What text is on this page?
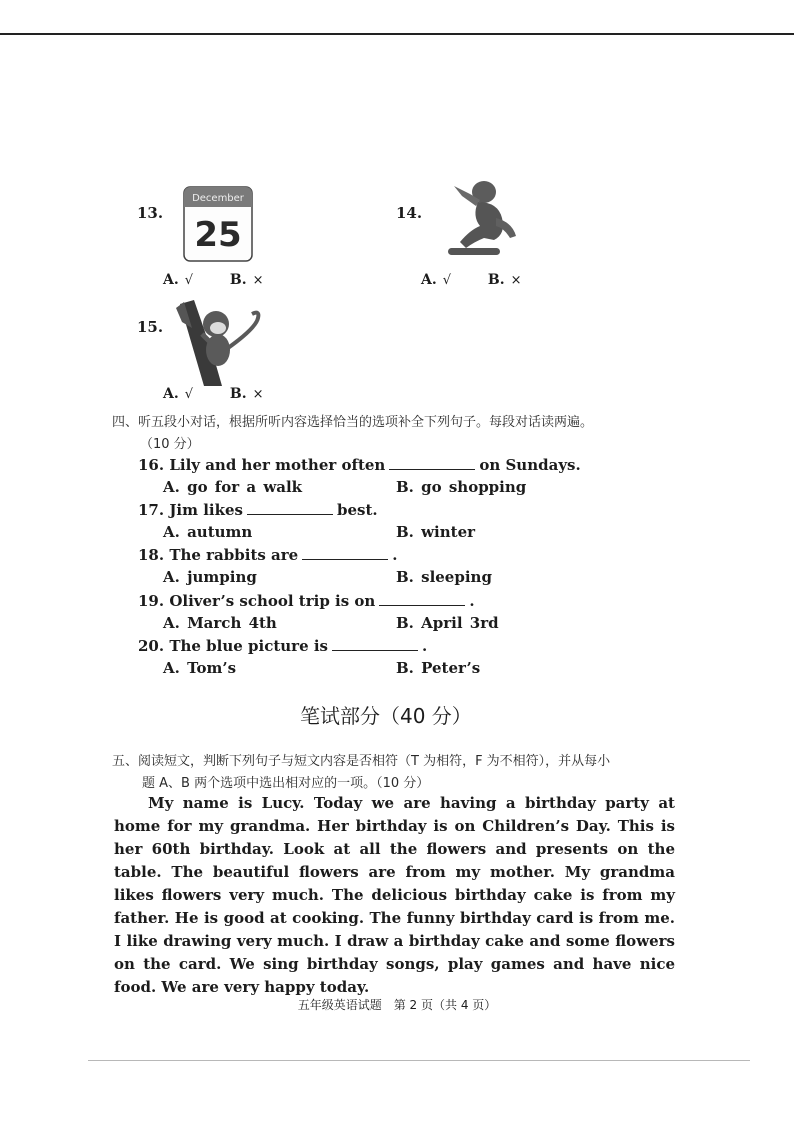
13.
December
25
A. √	B. ×
14.
A. √	B. ×
15.
A. √	B. ×
四、听五段小对话，根据所听内容选择恰当的选项补全下列句子。每段对话读两遍。
（10 分）
16. Lily and her mother often	on Sundays.
A. go for a walk	B. go shopping
17. Jim likes	best.
A. autumn	B. winter
18. The rabbits are	.
A. jumping	B. sleeping
19. Oliver’s school trip is on	.
A. March 4th	B. April 3rd
20. The blue picture is	.
A. Tom’s	B. Peter’s
笔试部分（40 分）
五、阅读短文，判断下列句子与短文内容是否相符（T 为相符，F 为不相符），并从每小
题 A、B 两个选项中选出相对应的一项。（10 分）

My name is Lucy. Today we are having a birthday party at home for my grandma. Her birthday is on Children’s Day. This is her 60th birthday. Look at all the flowers and presents on the table. The beautiful flowers are from my mother. My grandma likes flowers very much. The delicious birthday cake is from my father. He is good at cooking. The funny birthday card is from me. I like drawing very much. I draw a birthday cake and some flowers on the card. We sing birthday songs, play games and have nice food. We are very happy today.

五年级英语试题　第 2 页（共 4 页）
